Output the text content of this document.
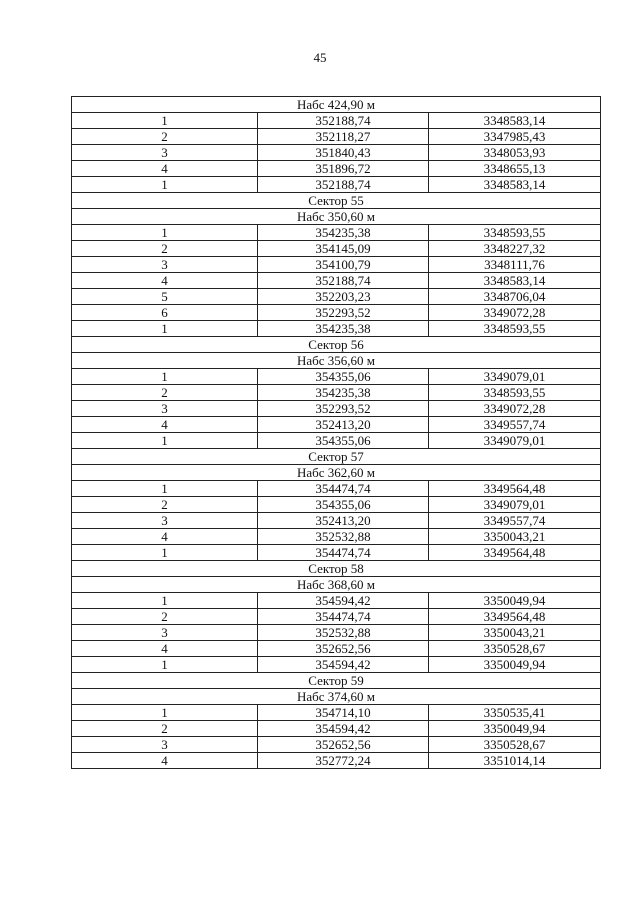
45
Набс 424,90 м		
1	352188,74	3348583,14
2	352118,27	3347985,43
3	351840,43	3348053,93
4	351896,72	3348655,13
1	352188,74	3348583,14
Сектор 55		
Набс 350,60 м		
1	354235,38	3348593,55
2	354145,09	3348227,32
3	354100,79	3348111,76
4	352188,74	3348583,14
5	352203,23	3348706,04
6	352293,52	3349072,28
1	354235,38	3348593,55
Сектор 56		
Набс 356,60 м		
1	354355,06	3349079,01
2	354235,38	3348593,55
3	352293,52	3349072,28
4	352413,20	3349557,74
1	354355,06	3349079,01
Сектор 57		
Набс 362,60 м		
1	354474,74	3349564,48
2	354355,06	3349079,01
3	352413,20	3349557,74
4	352532,88	3350043,21
1	354474,74	3349564,48
Сектор 58		
Набс 368,60 м		
1	354594,42	3350049,94
2	354474,74	3349564,48
3	352532,88	3350043,21
4	352652,56	3350528,67
1	354594,42	3350049,94
Сектор 59		
Набс 374,60 м		
1	354714,10	3350535,41
2	354594,42	3350049,94
3	352652,56	3350528,67
4	352772,24	3351014,14
